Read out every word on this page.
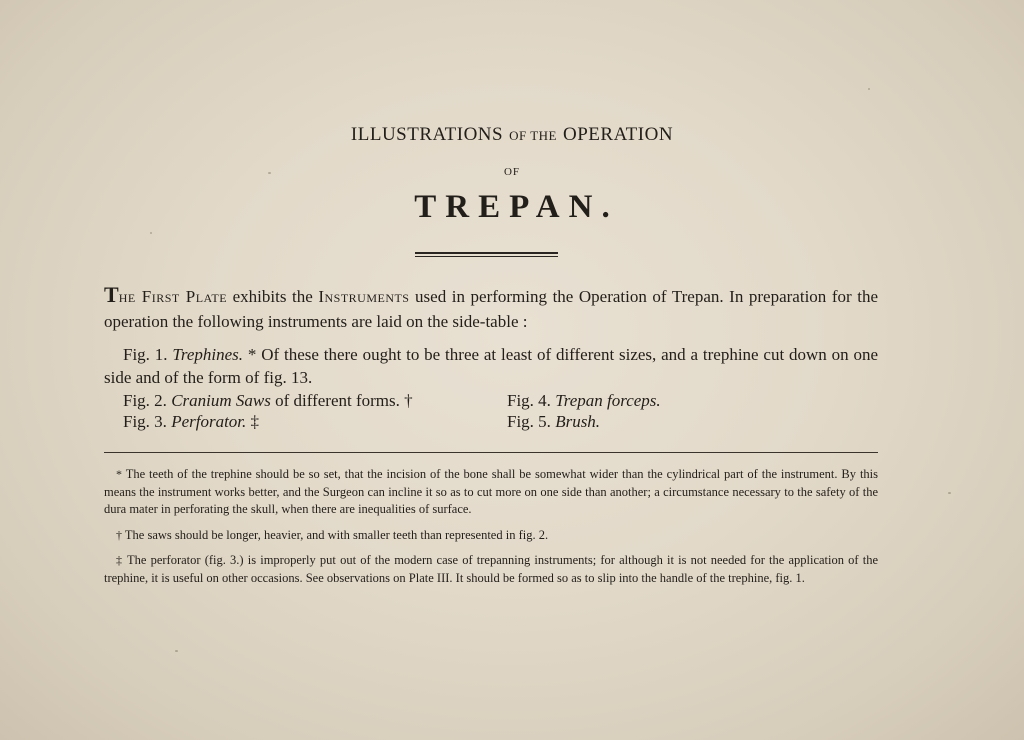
ILLUSTRATIONS OF THE OPERATION
OF
TREPAN.
The First Plate exhibits the Instruments used in performing the Operation of Trepan. In preparation for the operation the following instruments are laid on the side-table :

Fig. 1. Trephines. * Of these there ought to be three at least of different sizes, and a trephine cut down on one side and of the form of fig. 13.

Fig. 2. Cranium Saws of different forms. †	Fig. 4. Trepan forceps.
Fig. 3. Perforator. ‡	Fig. 5. Brush.

* The teeth of the trephine should be so set, that the incision of the bone shall be somewhat wider than the cylindrical part of the instrument. By this means the instrument works better, and the Surgeon can incline it so as to cut more on one side than another; a circumstance necessary to the safety of the dura mater in perforating the skull, when there are inequalities of surface.

† The saws should be longer, heavier, and with smaller teeth than represented in fig. 2.

‡ The perforator (fig. 3.) is improperly put out of the modern case of trepanning instruments; for although it is not needed for the application of the trephine, it is useful on other occasions. See observations on Plate III. It should be formed so as to slip into the handle of the trephine, fig. 1.
